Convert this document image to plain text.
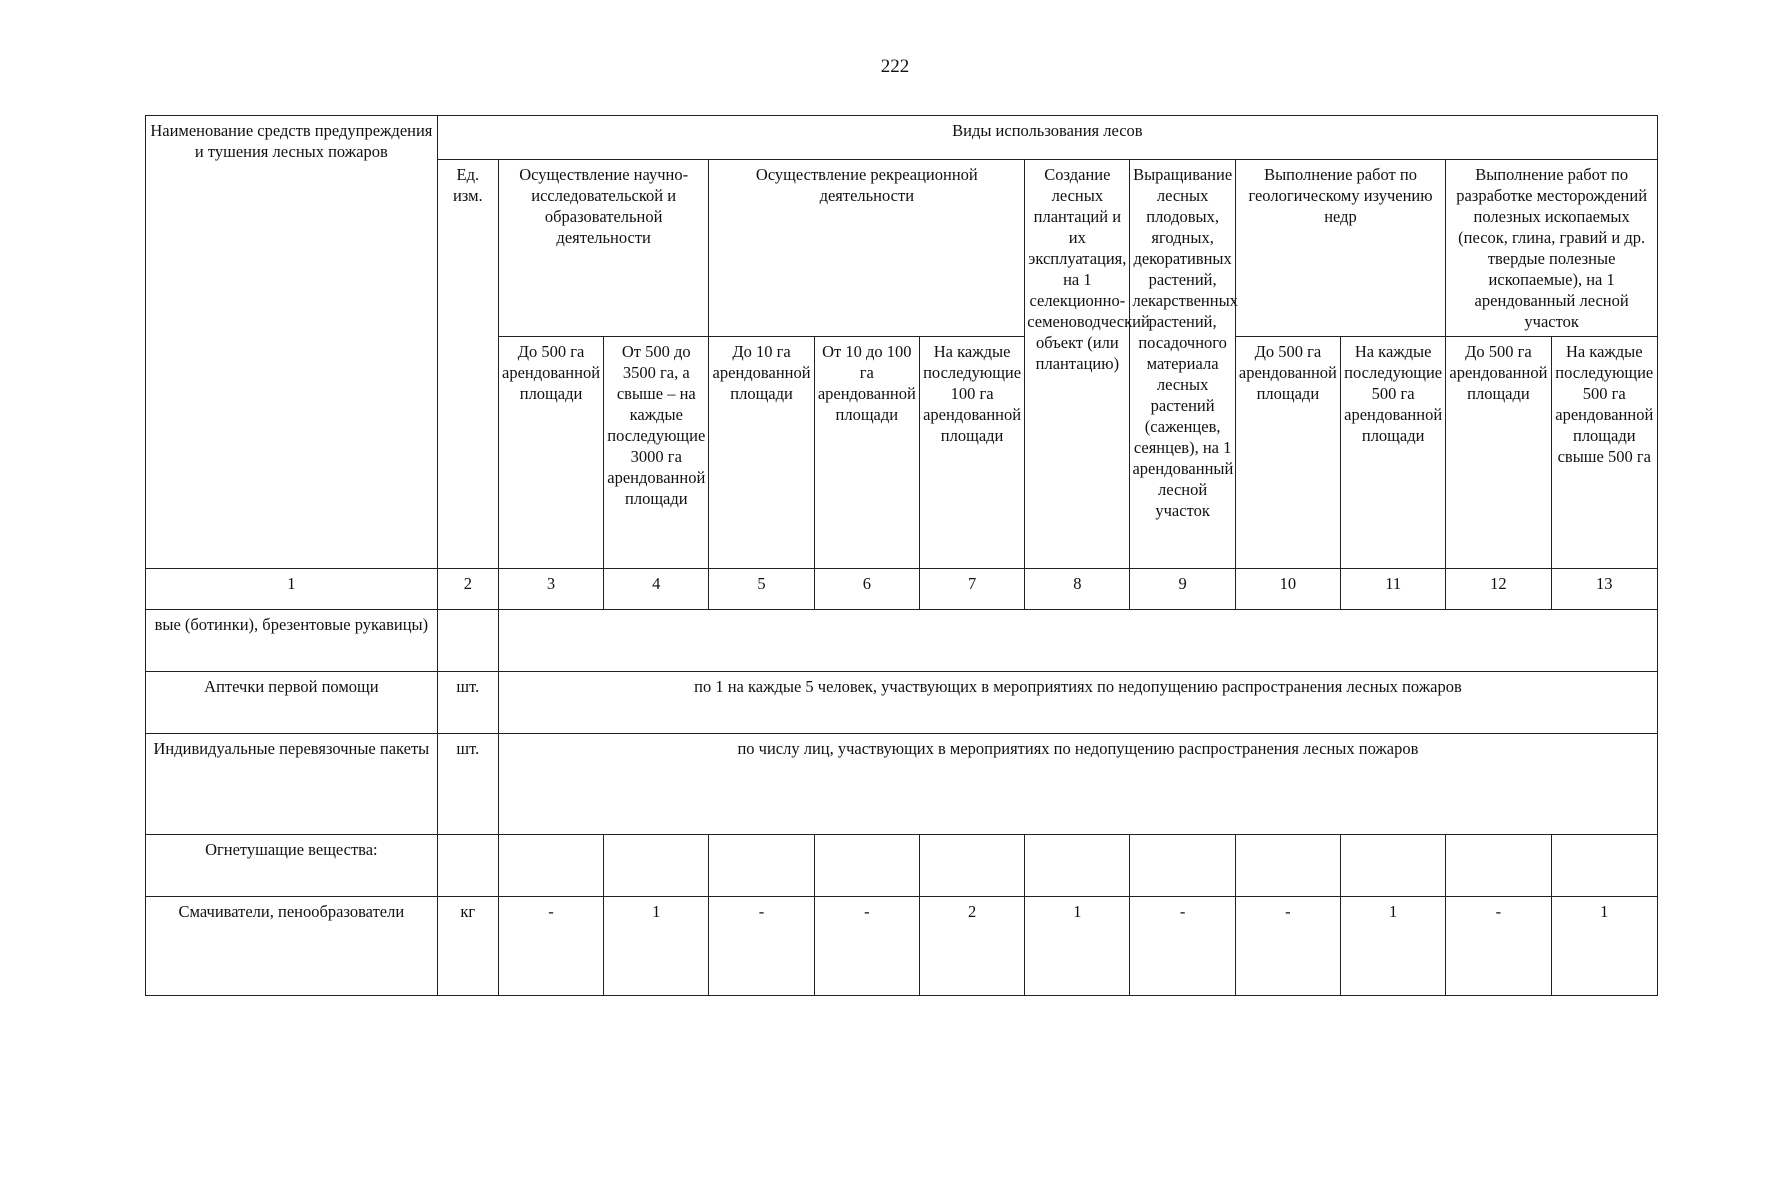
222
Наименование средств предупреждения и тушения лесных пожаров	Виды использования лесов											
	Ед. изм.	Осуществление научно-исследовательской и образовательной деятельности		Осуществление рекреационной деятельности			Создание лесных плантаций и их эксплуатация, на 1 селекционно-семеноводческий объект (или плантацию)	Выращивание лесных плодовых, ягодных, декоративных растений, лекарственных растений, посадочного материала лесных растений (саженцев, сеянцев), на 1 арендованный лесной участок	Выполнение работ по геологическому изучению недр		Выполнение работ по разработке месторождений полезных ископаемых (песок, глина, гравий и др. твердые полезные ископаемые), на 1 арендованный лесной участок	
		До 500 га арендованной площади	От 500 до 3500 га, а свыше – на каждые последующие 3000 га арендованной площади	До 10 га арендованной площади	От 10 до 100 га арендованной площади	На каждые последующие 100 га арендованной площади			До 500 га арендованной площади	На каждые последующие 500 га арендованной площади	До 500 га арендованной площади	На каждые последующие 500 га арендованной площади свыше 500 га
1	2	3	4	5	6	7	8	9	10	11	12	13
вые (ботинки), брезентовые рукавицы)												
Аптечки первой помощи	шт.	по 1 на каждые 5 человек, участвующих в мероприятиях по недопущению распространения лесных пожаров										
Индивидуальные перевязочные пакеты	шт.	по числу лиц, участвующих в мероприятиях по недопущению распространения лесных пожаров										
Огнетушащие вещества:												
Смачиватели, пенообразователи	кг	-	1	-	-	2	1	-	-	1	-	1
